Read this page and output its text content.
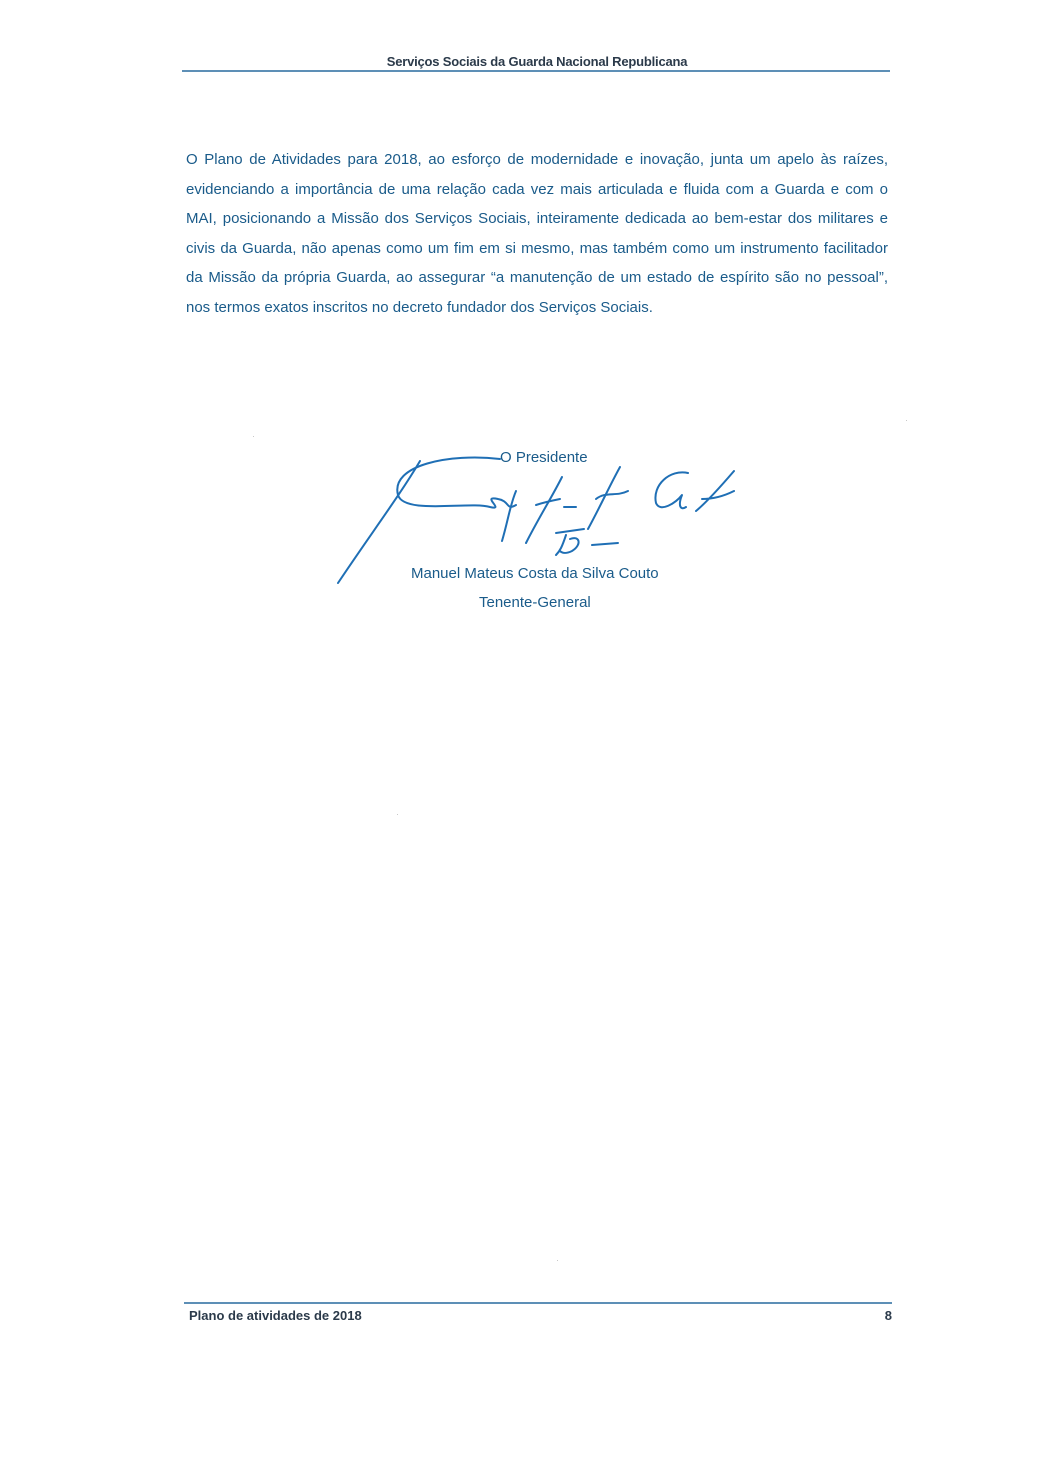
Serviços Sociais da Guarda Nacional Republicana

O Plano de Atividades para 2018, ao esforço de modernidade e inovação, junta um apelo às raízes, evidenciando a importância de uma relação cada vez mais articulada e fluida com a Guarda e com o MAI, posicionando a Missão dos Serviços Sociais, inteiramente dedicada ao bem-estar dos militares e civis da Guarda, não apenas como um fim em si mesmo, mas também como um instrumento facilitador da Missão da própria Guarda, ao assegurar “a manutenção de um estado de espírito são no pessoal”, nos termos exatos inscritos no decreto fundador dos Serviços Sociais.

O Presidente
Manuel Mateus Costa da Silva Couto
Tenente-General
Plano de atividades de 2018	8
